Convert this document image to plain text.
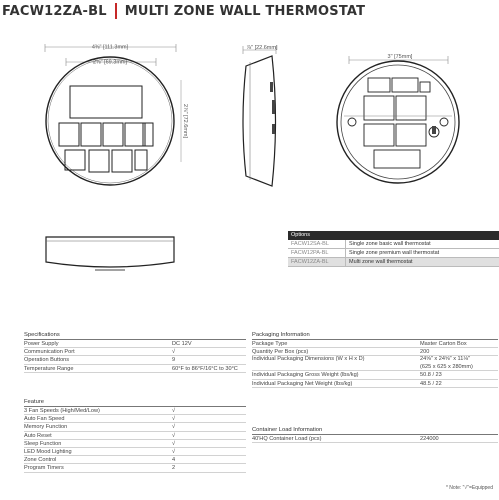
FACW12ZA-BL MULTI ZONE WALL THERMOSTAT
4⅜" [111.3mm]
2⅝" [69.3mm]
2⅞" [72.6mm]
⅞" [22.6mm]
3" [75mm]
Options
FACW12SA-BL	Single zone basic wall thermostat
FACW12PA-BL	Single zone premium wall thermostat
FACW12ZA-BL	Multi zone wall thermostat
Specifications
Power Supply	DC 12V
Communication Port	√
Operation Buttons	9
Temperature Range	60°F to 86°F/16°C to 30°C
Feature
3 Fan Speeds (High/Med/Low)	√
Auto Fan Speed	√
Memory Function	√
Auto Reset	√
Sleep Function	√
LED Mood Lighting	√
Zone Control	4
Program Timers	2
Packaging Information
Package Type	Master Carton Box
Quantity Per Box (pcs)	200
Individual Packaging Dimensions (W x H x D)	24⅝" x 24⅝" x 11⅛"
(625 x 625 x 280mm)
Individual Packaging Gross Weight (lbs/kg)	50.8 / 23
Individual Packaging Net Weight (lbs/kg)	48.5 / 22
Container Load Information
40'HQ Container Load (pcs)	224000
* Note: "√"=Equipped
